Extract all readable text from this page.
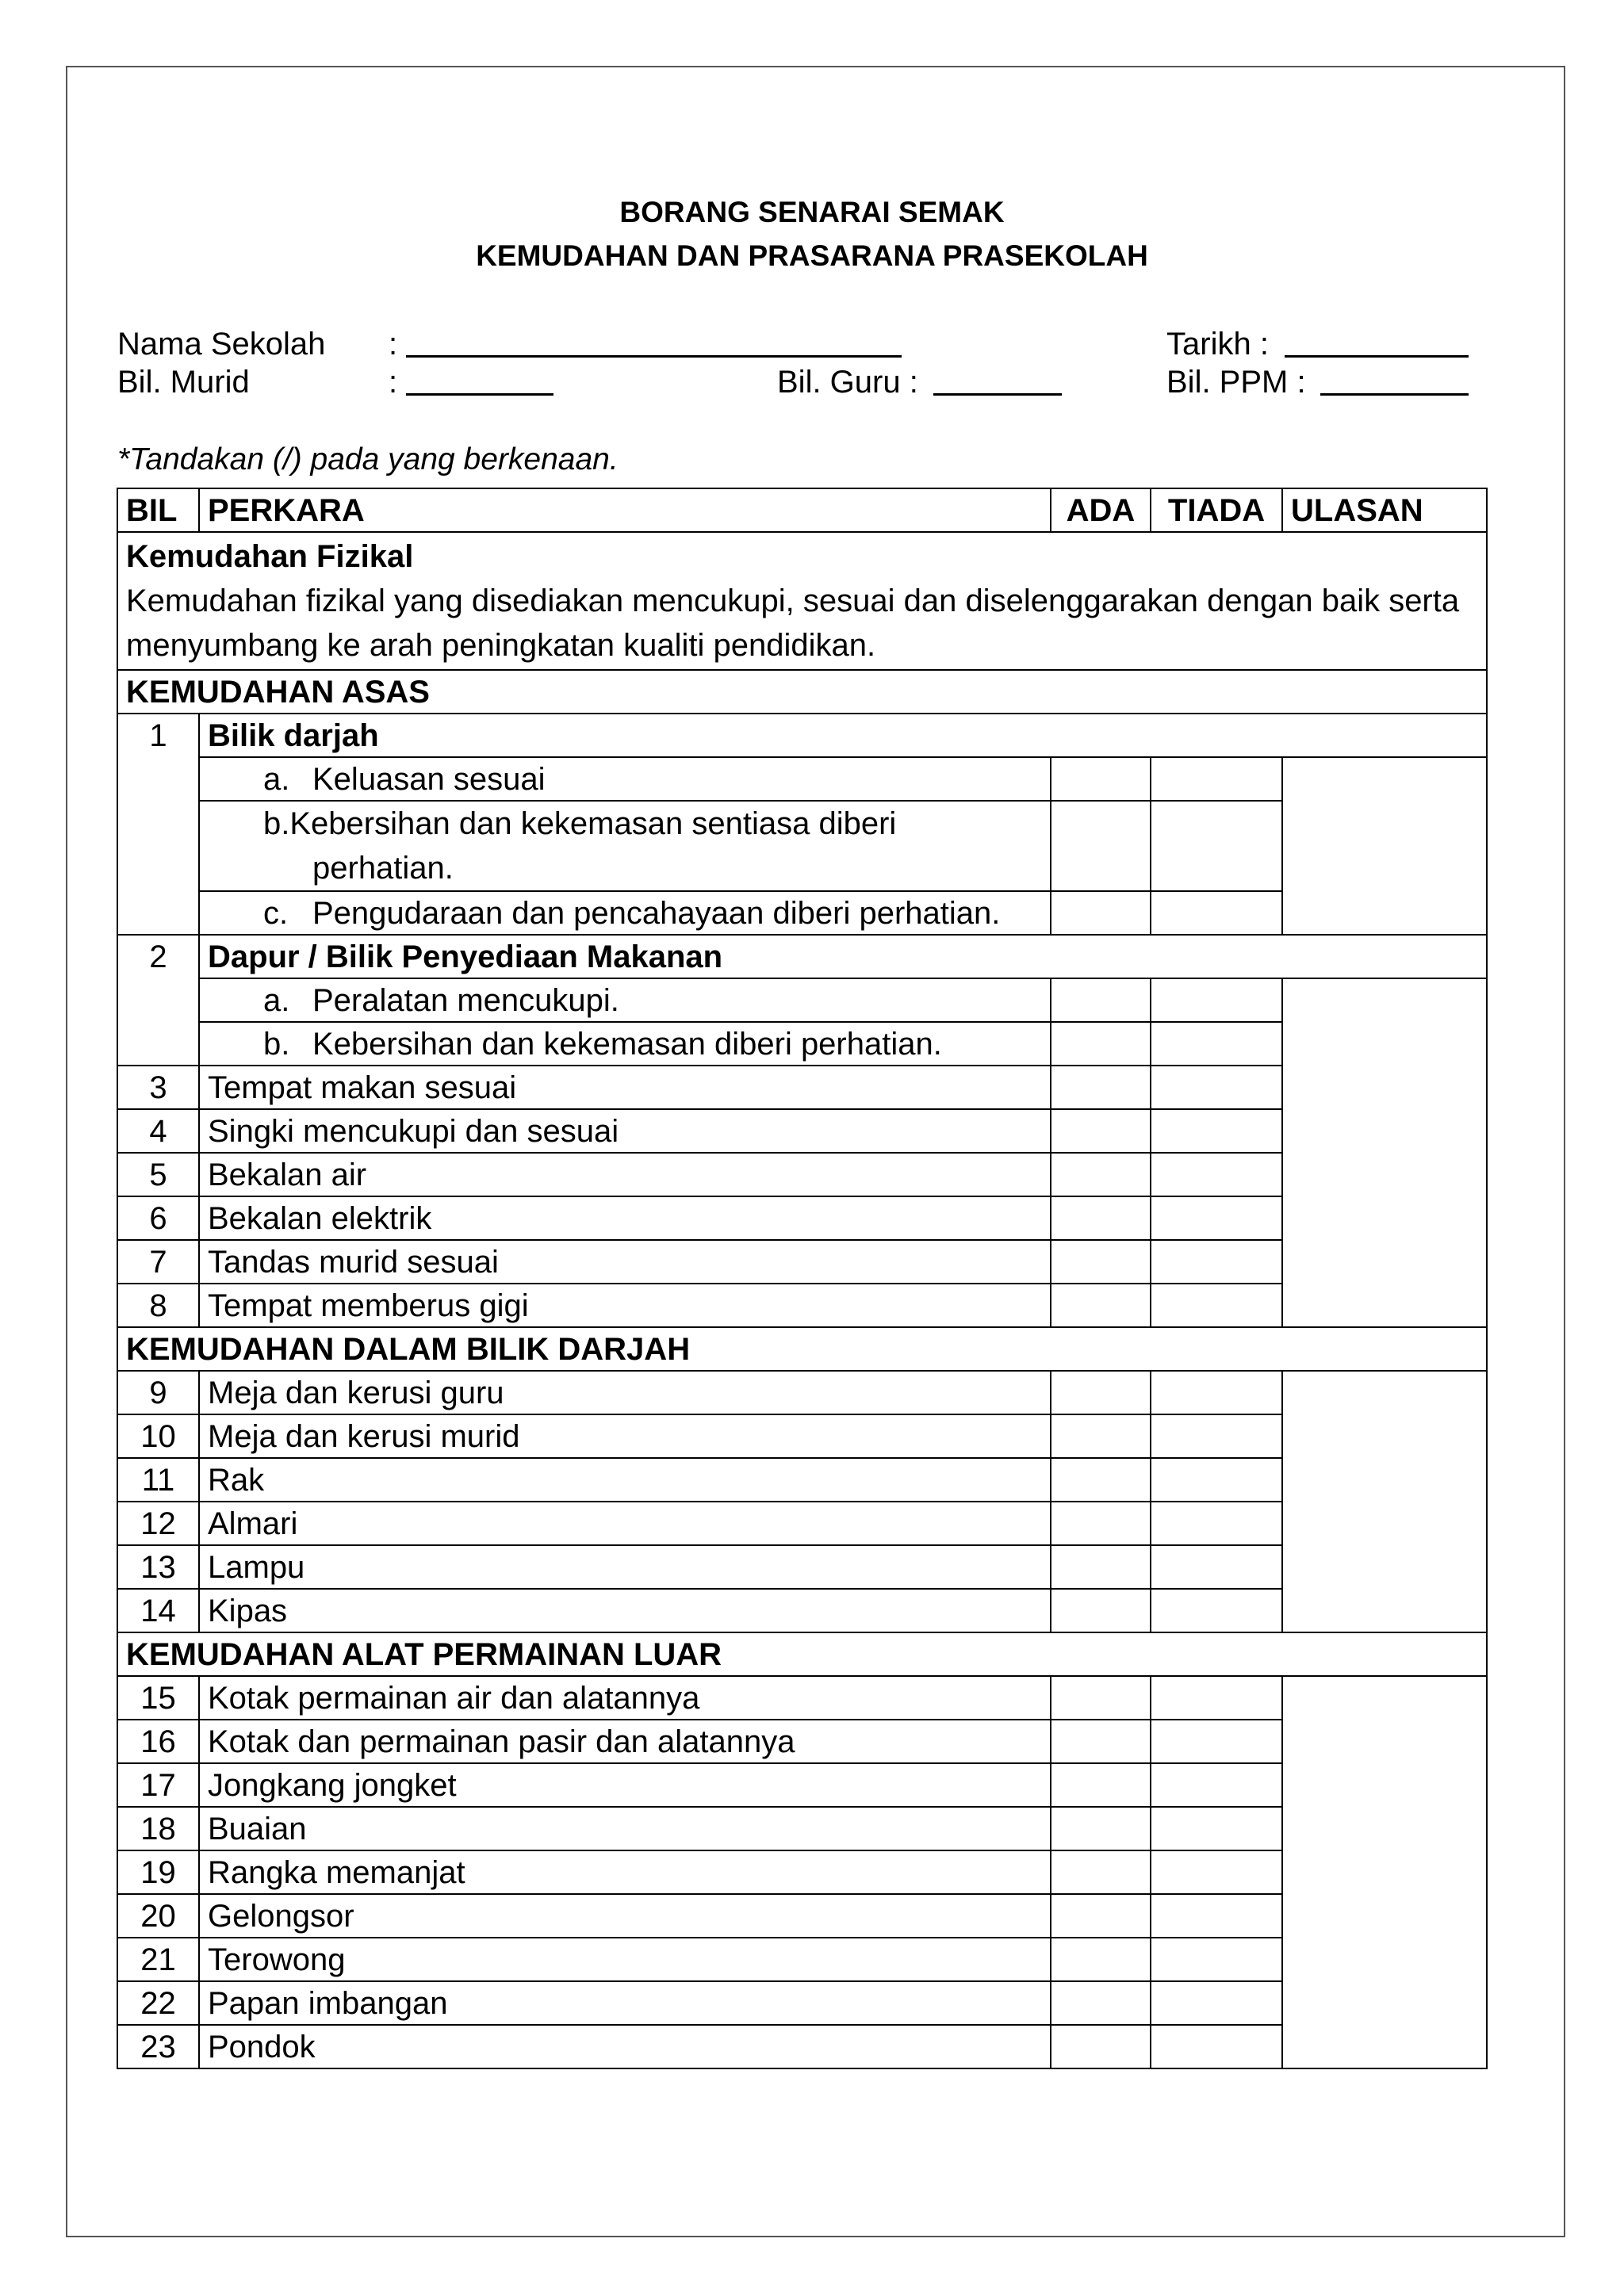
BORANG SENARAI SEMAK
KEMUDAHAN DAN PRASARANA PRASEKOLAH
Nama Sekolah :	Tarikh :
Bil. Murid	:	Bil. Guru :	Bil. PPM :
*Tandakan (/) pada yang berkenaan.
BIL	PERKARA	ADA	TIADA	ULASAN

Kemudahan Fizikal
Kemudahan fizikal yang disediakan mencukupi, sesuai dan diselenggarakan dengan baik serta menyumbang ke arah peningkatan kualiti pendidikan.				

KEMUDAHAN ASAS				
1	Bilik darjah			
	a. Keluasan sesuai			
	b.Kebersihan dan kekemasan sentiasa diberi perhatian.			
	c. Pengudaraan dan pencahayaan diberi perhatian.			
2	Dapur / Bilik Penyediaan Makanan			
	a. Peralatan mencukupi.			
	b. Kebersihan dan kekemasan diberi perhatian.			
3	Tempat makan sesuai			
4	Singki mencukupi dan sesuai			
5	Bekalan air			
6	Bekalan elektrik			
7	Tandas murid sesuai			
8	Tempat memberus gigi			
KEMUDAHAN DALAM BILIK DARJAH				
9	Meja dan kerusi guru			
10	Meja dan kerusi murid			
11	Rak			
12	Almari			
13	Lampu			
14	Kipas			
KEMUDAHAN ALAT PERMAINAN LUAR				
15	Kotak permainan air dan alatannya			
16	Kotak dan permainan pasir dan alatannya			
17	Jongkang jongket			
18	Buaian			
19	Rangka memanjat			
20	Gelongsor			
21	Terowong			
22	Papan imbangan			
23	Pondok			
